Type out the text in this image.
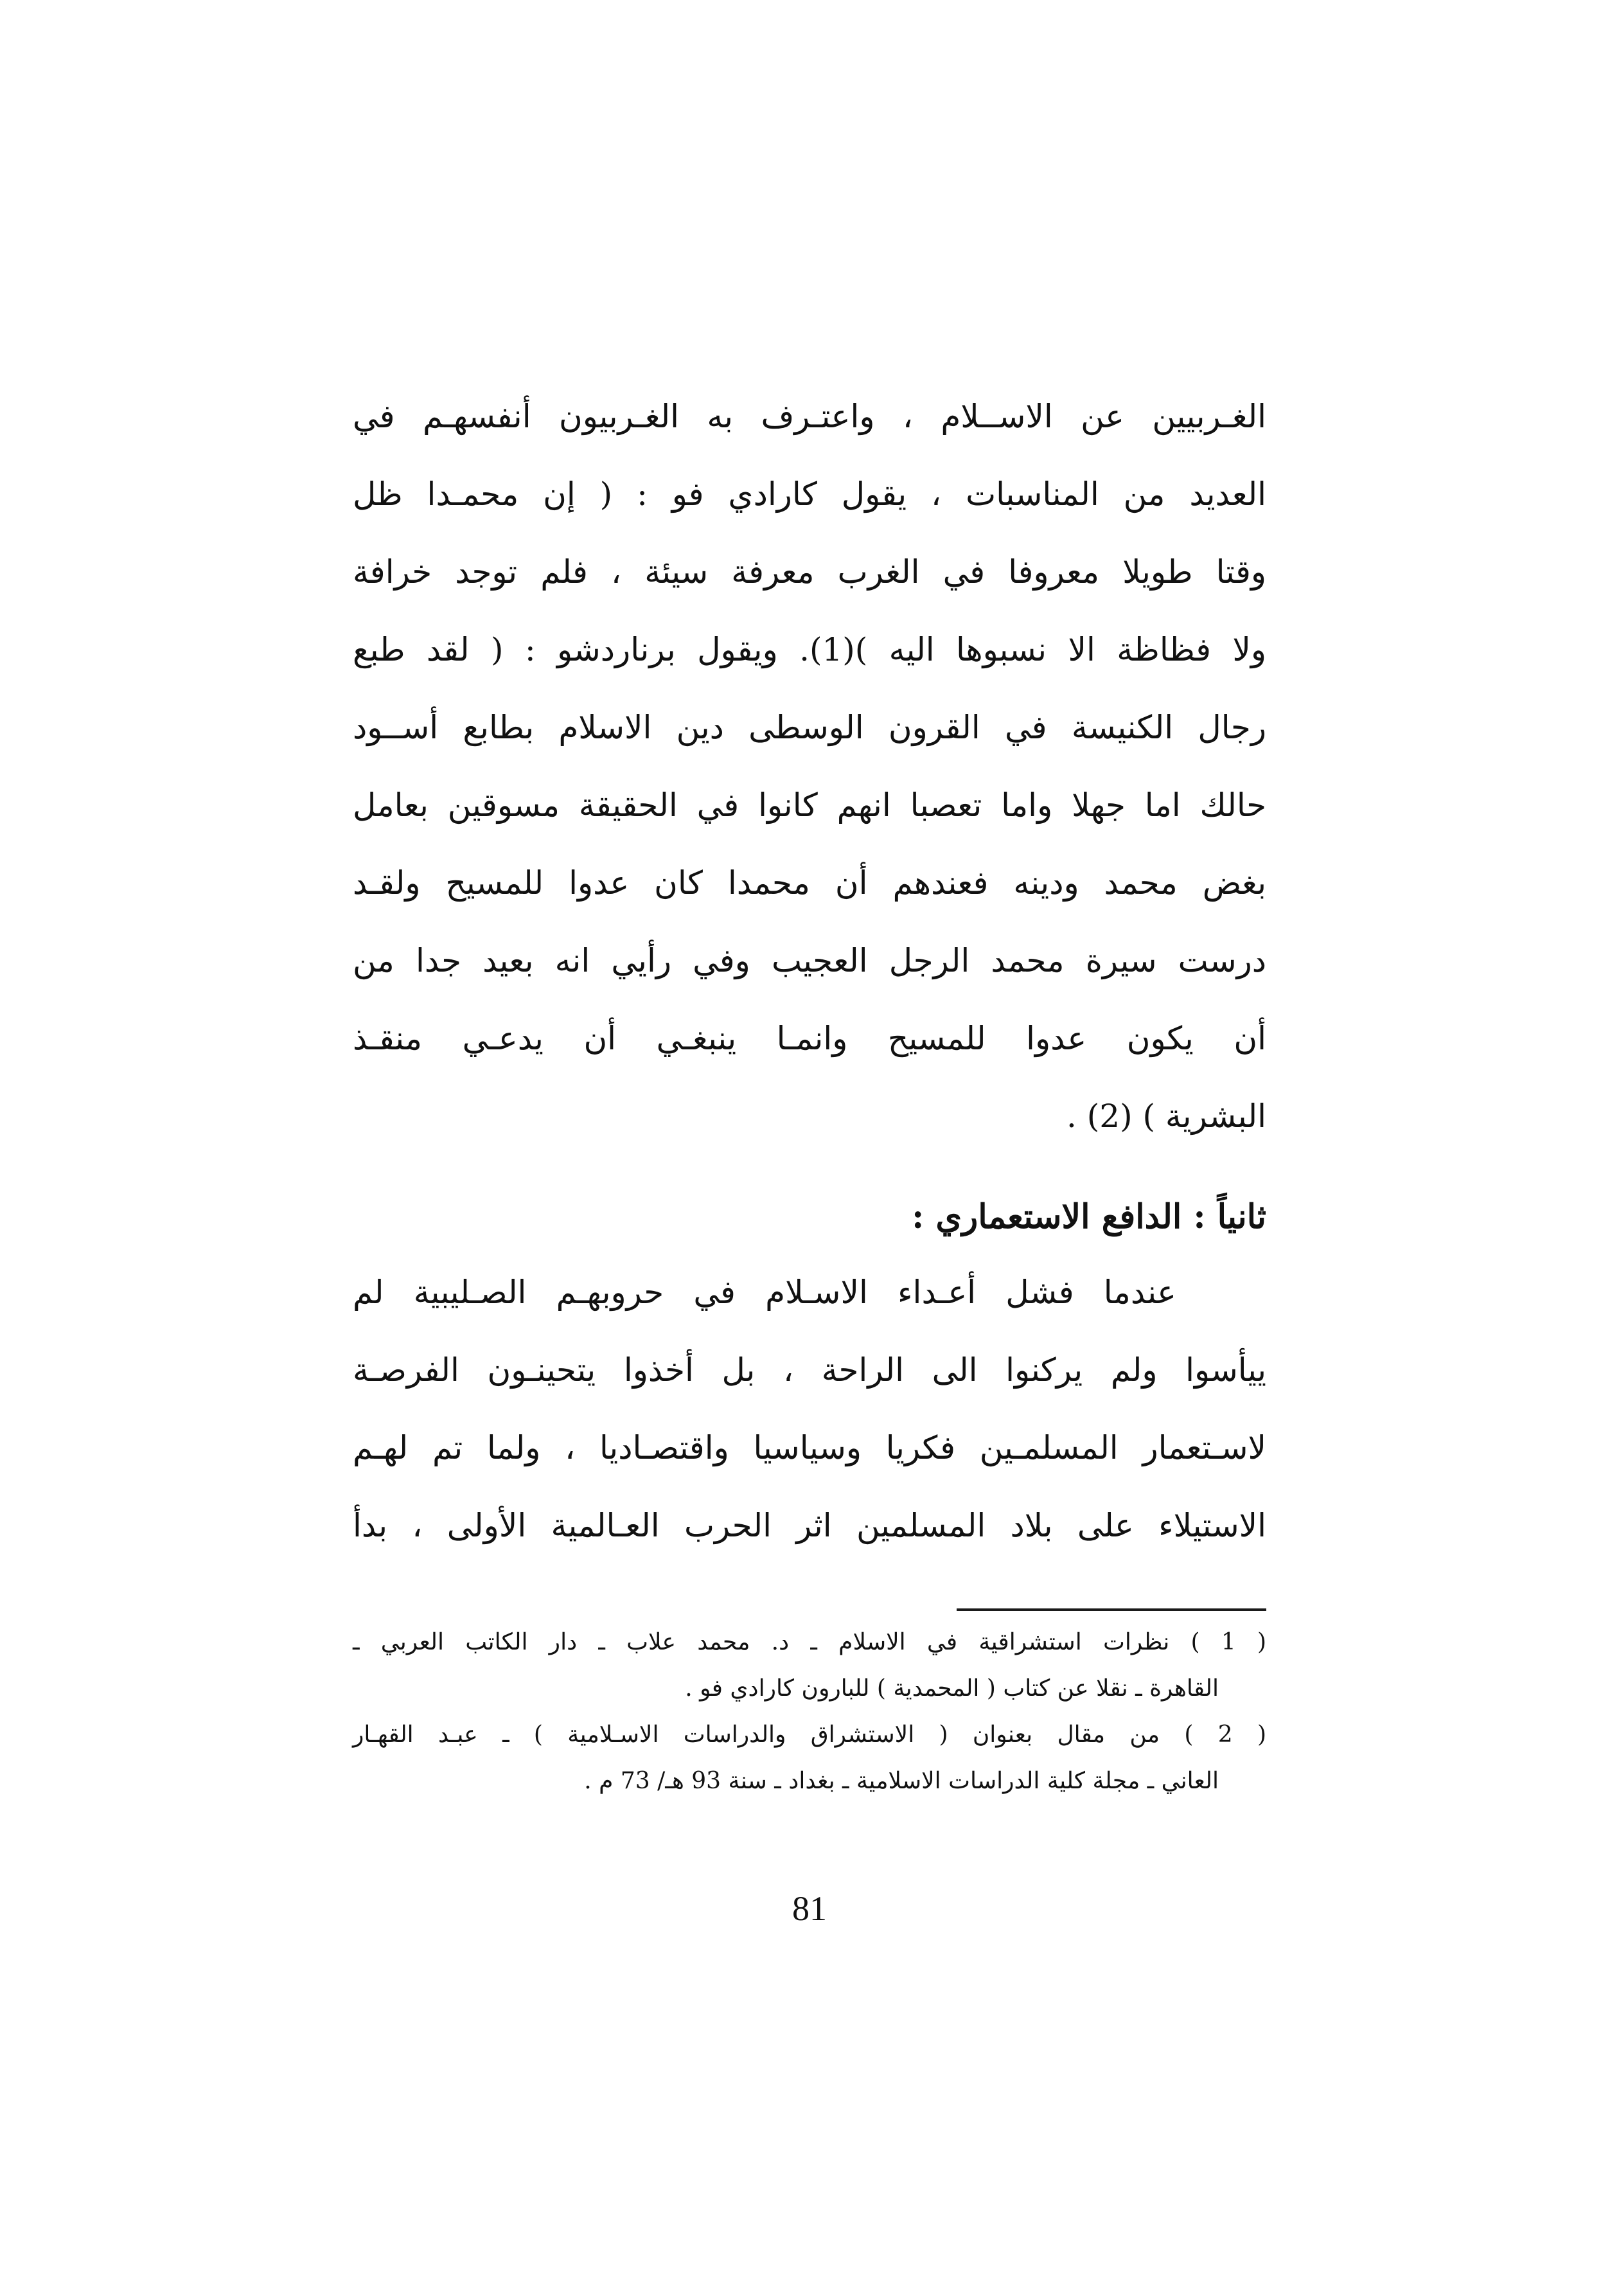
الغـربيين عن الاســلام ، واعتـرف به الغـربيون أنفسهـم في
العديد من المناسبات ، يقول كارادي فو : ( إن محمـدا ظل
وقتا طويلا معروفا في الغرب معرفة سيئة ، فلم توجد خرافة
ولا فظاظة الا نسبوها اليه )(1). ويقول برناردشو : ( لقد طبع
رجال الكنيسة في القرون الوسطى دين الاسلام بطابع أســود
حالك اما جهلا واما تعصبا انهم كانوا في الحقيقة مسوقين بعامل
بغض محمد ودينه فعندهم أن محمدا كان عدوا للمسيح ولقـد
درست سيرة محمد الرجل العجيب وفي رأيي انه بعيد جدا من
أن يكون عدوا للمسيح وانمـا ينبغـي أن يدعـي منقـذ
البشرية ) (2) .
ثانياً : الدافع الاستعماري :
عندما فشل أعـداء الاسـلام في حروبهـم الصـليبية لم
ييأسوا ولم يركنوا الى الراحة ، بل أخذوا يتحينـون الفرصـة
لاسـتعمار المسلمـين فكريا وسياسيا واقتصـاديا ، ولما تم لهـم
الاستيلاء على بلاد المسلمين اثر الحرب العـالمية الأولى ، بدأ
( 1 ) نظرات استشراقية في الاسلام ـ د. محمد علاب ـ دار الكاتب العربي ـ
القاهرة ـ نقلا عن كتاب ( المحمدية ) للبارون كارادي فو .
( 2 ) من مقال بعنوان ( الاستشراق والدراسات الاسـلامية ) ـ عبـد القهـار
العاني ـ مجلة كلية الدراسات الاسلامية ـ بغداد ـ سنة 93 هـ/ 73 م .
81
